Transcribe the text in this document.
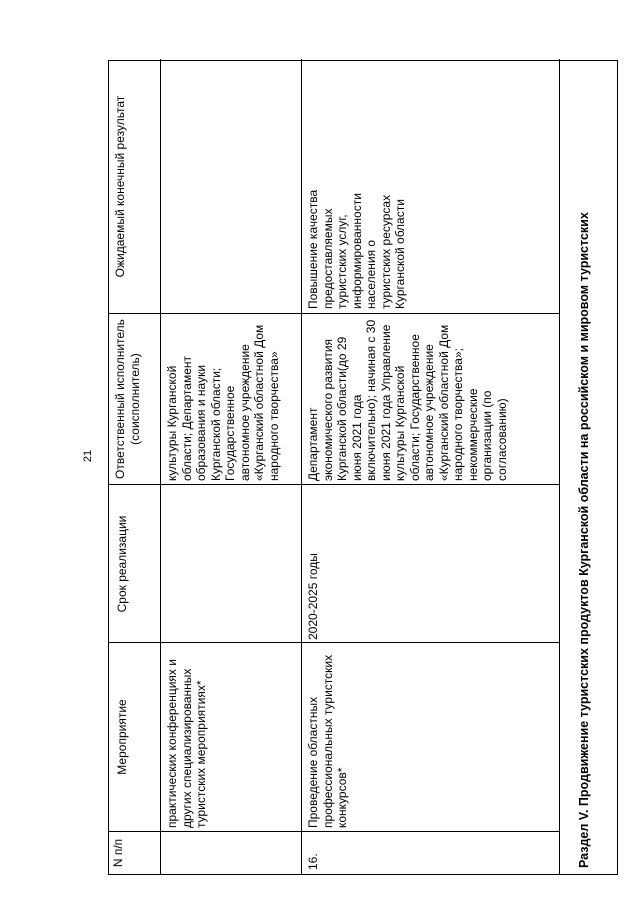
21
N п/п
Мероприятие
Срок реализации
Ответственный исполнитель (соисполнитель)
Ожидаемый конечный результат
практических конференциях и других специализированных туристских мероприятиях*
культуры Курганской области; Департамент образования и науки Курганской области; Государственное автономное учреждение «Курганский областной Дом народного творчества»
16.
Проведение областных профессиональных туристских конкурсов*
2020-2025 годы
Департамент экономического развития Курганской области(до 29 июня 2021 года включительно); начиная с 30 июня 2021 года Управление культуры Курганской области; Государственное автономное учреждение «Курганский областной Дом народного творчества»; некоммерческие организации (по согласованию)
Повышение качества предоставляемых туристских услуг, информированности населения о туристских ресурсах Курганской области	Раздел V. Продвижение туристских продуктов Курганской области на российском и мировом туристских
